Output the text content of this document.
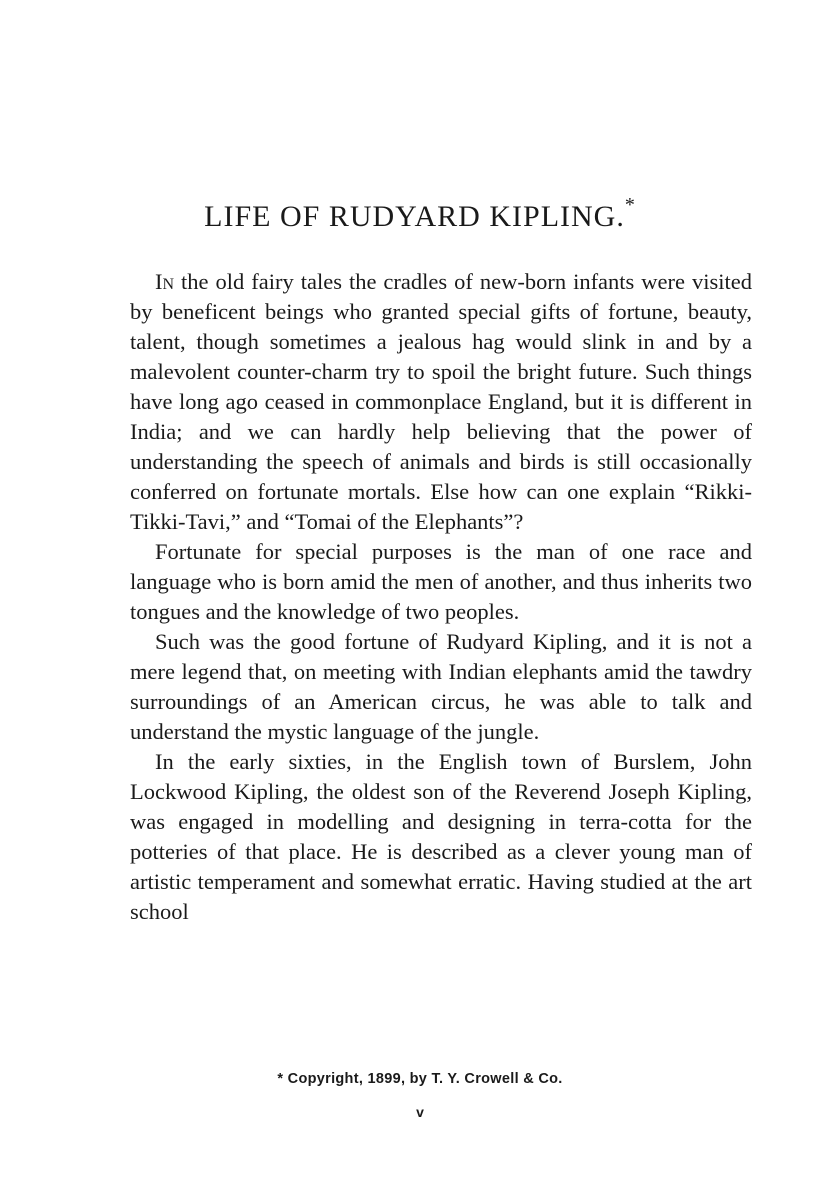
LIFE OF RUDYARD KIPLING.*

In the old fairy tales the cradles of new-born infants were visited by beneficent beings who granted special gifts of fortune, beauty, talent, though sometimes a jealous hag would slink in and by a malevolent counter-charm try to spoil the bright future. Such things have long ago ceased in commonplace England, but it is different in India; and we can hardly help believing that the power of understanding the speech of animals and birds is still occasionally conferred on fortunate mortals. Else how can one explain “Rikki-Tikki-Tavi,” and “Tomai of the Elephants”?

Fortunate for special purposes is the man of one race and language who is born amid the men of another, and thus inherits two tongues and the knowledge of two peoples.

Such was the good fortune of Rudyard Kipling, and it is not a mere legend that, on meeting with Indian elephants amid the tawdry surroundings of an American circus, he was able to talk and understand the mystic language of the jungle.

In the early sixties, in the English town of Burslem, John Lockwood Kipling, the oldest son of the Reverend Joseph Kipling, was engaged in modelling and designing in terra-cotta for the potteries of that place. He is described as a clever young man of artistic temperament and somewhat erratic. Having studied at the art school

* Copyright, 1899, by T. Y. Crowell & Co.
v
